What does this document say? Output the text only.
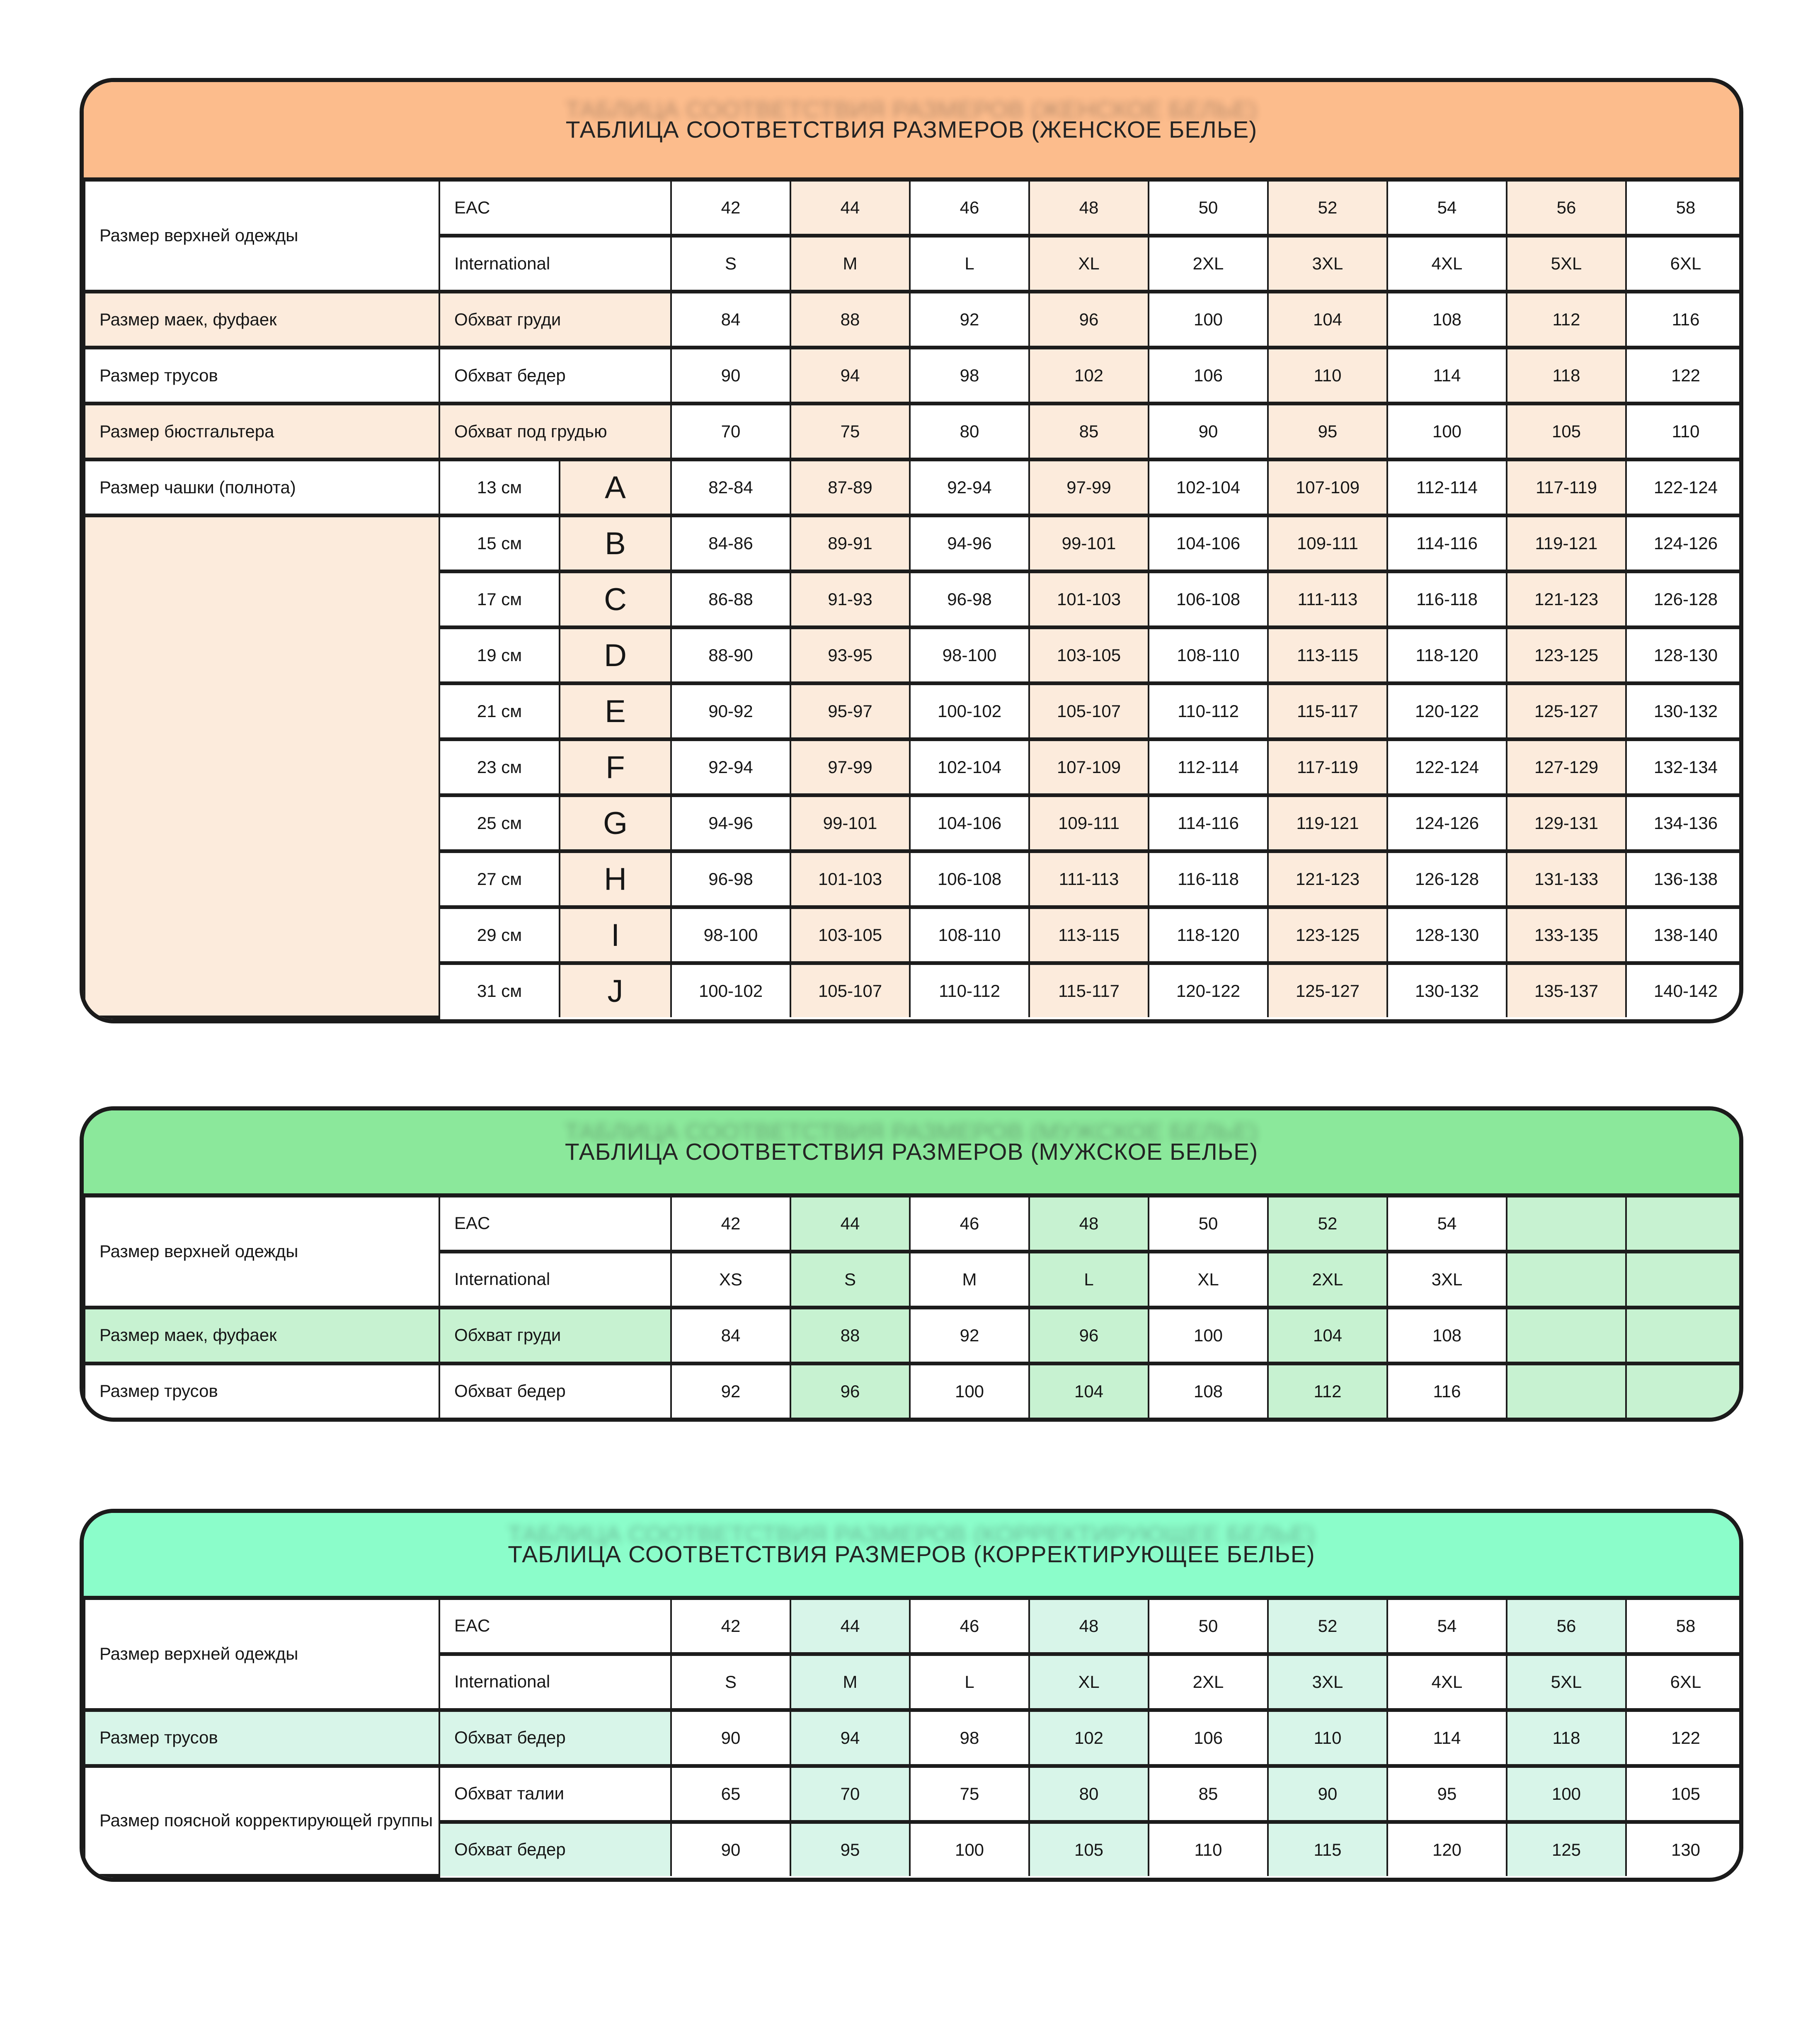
ТАБЛИЦА СООТВЕТСТВИЯ РАЗМЕРОВ (ЖЕНСКОЕ БЕЛЬЕ)
Размер верхней одежды	EAC		42	44	46	48	50	52	54	56	58
	International		S	M	L	XL	2XL	3XL	4XL	5XL	6XL
Размер маек, фуфаек	Обхват груди		84	88	92	96	100	104	108	112	116
Размер трусов	Обхват бедер		90	94	98	102	106	110	114	118	122
Размер бюстгальтера	Обхват под грудью		70	75	80	85	90	95	100	105	110
Размер чашки (полнота)	13 см	A	82-84	87-89	92-94	97-99	102-104	107-109	112-114	117-119	122-124
	15 см	B	84-86	89-91	94-96	99-101	104-106	109-111	114-116	119-121	124-126
	17 см	C	86-88	91-93	96-98	101-103	106-108	111-113	116-118	121-123	126-128
	19 см	D	88-90	93-95	98-100	103-105	108-110	113-115	118-120	123-125	128-130
	21 см	E	90-92	95-97	100-102	105-107	110-112	115-117	120-122	125-127	130-132
	23 см	F	92-94	97-99	102-104	107-109	112-114	117-119	122-124	127-129	132-134
	25 см	G	94-96	99-101	104-106	109-111	114-116	119-121	124-126	129-131	134-136
	27 см	H	96-98	101-103	106-108	111-113	116-118	121-123	126-128	131-133	136-138
	29 см	I	98-100	103-105	108-110	113-115	118-120	123-125	128-130	133-135	138-140
	31 см	J	100-102	105-107	110-112	115-117	120-122	125-127	130-132	135-137	140-142
ТАБЛИЦА СООТВЕТСТВИЯ РАЗМЕРОВ (МУЖСКОЕ БЕЛЬЕ)
Размер верхней одежды	EAC	42	44	46	48	50	52	54		
	International	XS	S	M	L	XL	2XL	3XL		
Размер маек, фуфаек	Обхват груди	84	88	92	96	100	104	108		
Размер трусов	Обхват бедер	92	96	100	104	108	112	116		
ТАБЛИЦА СООТВЕТСТВИЯ РАЗМЕРОВ (КОРРЕКТИРУЮЩЕЕ БЕЛЬЕ)
Размер верхней одежды	EAC	42	44	46	48	50	52	54	56	58
	International	S	M	L	XL	2XL	3XL	4XL	5XL	6XL
Размер трусов	Обхват бедер	90	94	98	102	106	110	114	118	122
Размер поясной корректирующей группы	Обхват талии	65	70	75	80	85	90	95	100	105
	Обхват бедер	90	95	100	105	110	115	120	125	130
